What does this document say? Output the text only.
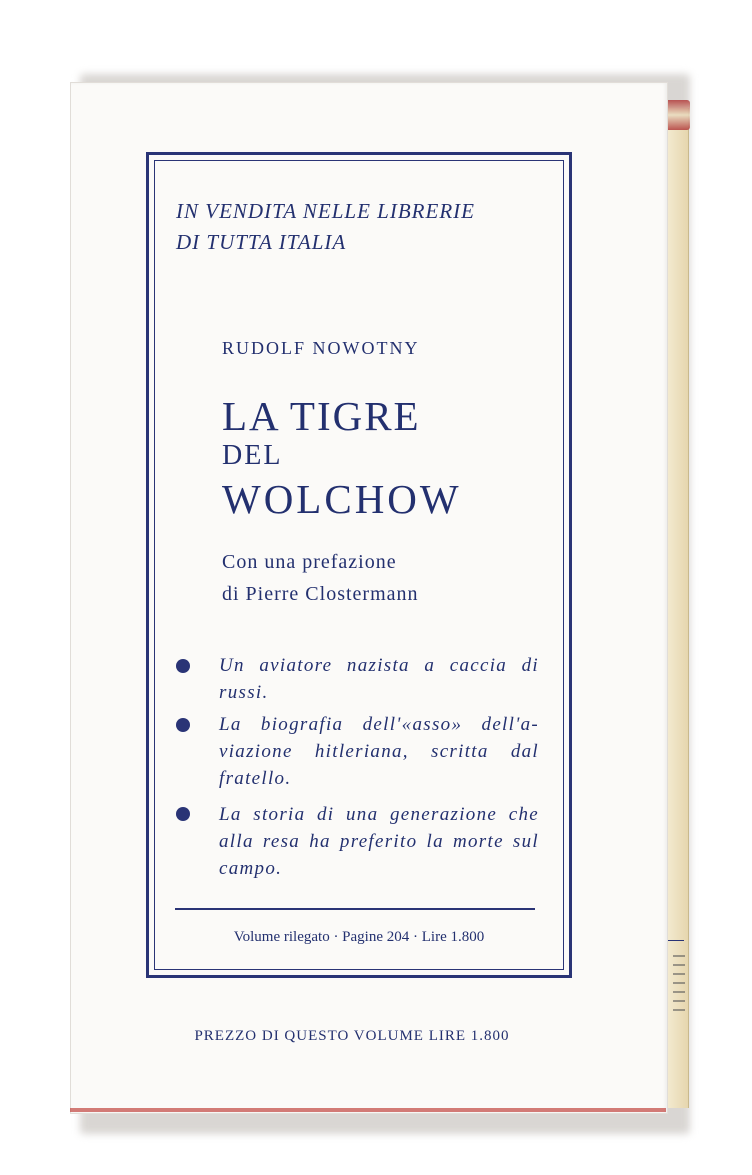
IN VENDITA NELLE LIBRERIE
DI TUTTA ITALIA
RUDOLF NOWOTNY
LA TIGRE
DEL
WOLCHOW
Con una prefazione
di Pierre Clostermann
Un aviatore nazista a caccia di russi.
La biografia dell'«asso» dell'a-viazione hitleriana, scritta dal fratello.
La storia di una generazione che alla resa ha preferito la morte sul campo.
Volume rilegato · Pagine 204 · Lire 1.800
PREZZO DI QUESTO VOLUME LIRE 1.800
